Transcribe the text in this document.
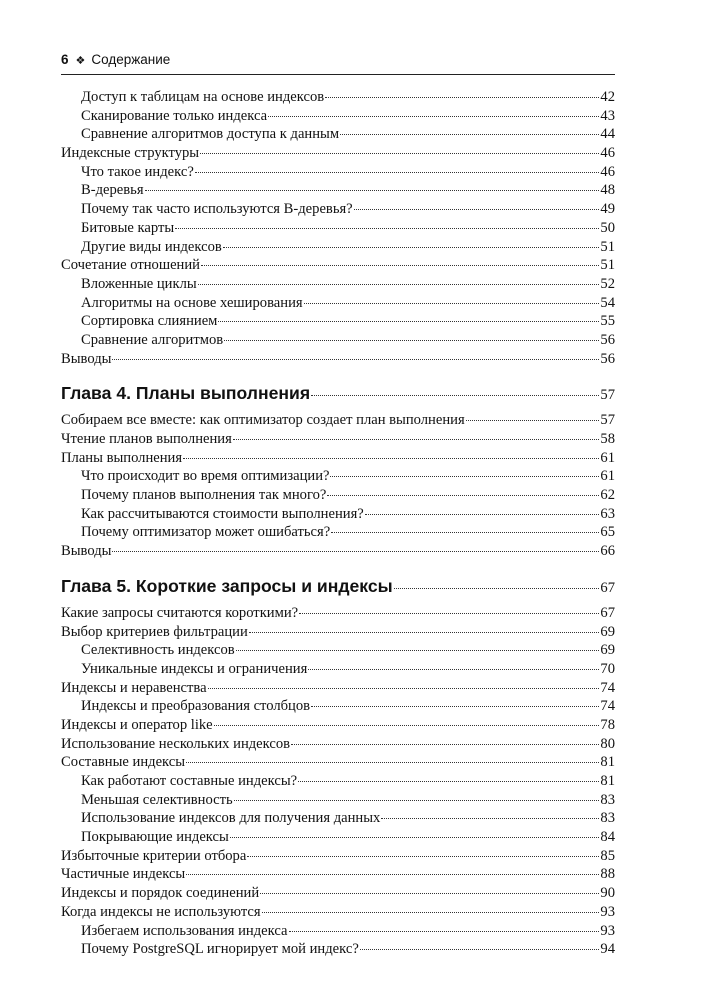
6 ❖ Содержание
Доступ к таблицам на основе индексов	42
Сканирование только индекса	43
Сравнение алгоритмов доступа к данным	44
Индексные структуры	46
Что такое индекс?	46
B-деревья	48
Почему так часто используются B-деревья?	49
Битовые карты	50
Другие виды индексов	51
Сочетание отношений	51
Вложенные циклы	52
Алгоритмы на основе хеширования	54
Сортировка слиянием	55
Сравнение алгоритмов	56
Выводы	56
Глава 4. Планы выполнения	57
Собираем все вместе: как оптимизатор создает план выполнения	57
Чтение планов выполнения	58
Планы выполнения	61
Что происходит во время оптимизации?	61
Почему планов выполнения так много?	62
Как рассчитываются стоимости выполнения?	63
Почему оптимизатор может ошибаться?	65
Выводы	66
Глава 5. Короткие запросы и индексы	67
Какие запросы считаются короткими?	67
Выбор критериев фильтрации	69
Селективность индексов	69
Уникальные индексы и ограничения	70
Индексы и неравенства	74
Индексы и преобразования столбцов	74
Индексы и оператор like	78
Использование нескольких индексов	80
Составные индексы	81
Как работают составные индексы?	81
Меньшая селективность	83
Использование индексов для получения данных	83
Покрывающие индексы	84
Избыточные критерии отбора	85
Частичные индексы	88
Индексы и порядок соединений	90
Когда индексы не используются	93
Избегаем использования индекса	93
Почему PostgreSQL игнорирует мой индекс?	94
